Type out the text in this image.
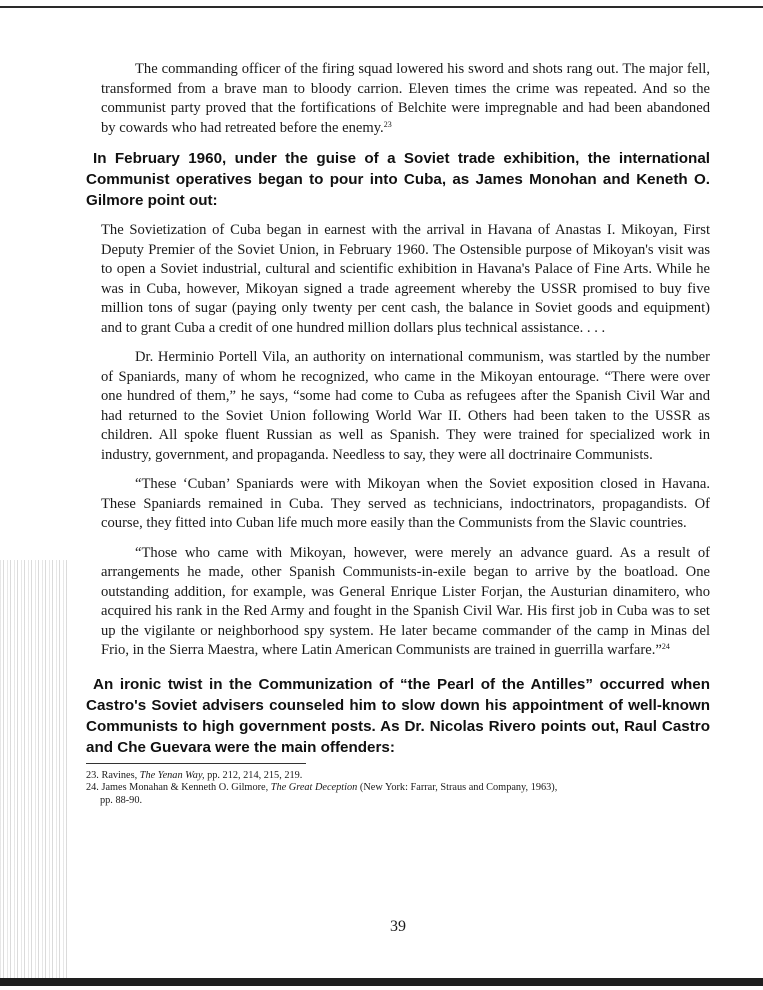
The commanding officer of the firing squad lowered his sword and shots rang out. The major fell, transformed from a brave man to bloody carrion. Eleven times the crime was repeated. And so the communist party proved that the fortifications of Belchite were impregnable and had been abandoned by cowards who had retreated before the enemy.$^{23}$

In February 1960, under the guise of a Soviet trade exhibition, the international Communist operatives began to pour into Cuba, as James Monohan and Keneth O. Gilmore point out:

The Sovietization of Cuba began in earnest with the arrival in Havana of Anastas I. Mikoyan, First Deputy Premier of the Soviet Union, in February 1960. The Ostensible purpose of Mikoyan's visit was to open a Soviet industrial, cultural and scientific exhibition in Havana's Palace of Fine Arts. While he was in Cuba, however, Mikoyan signed a trade agreement whereby the USSR promised to buy five million tons of sugar (paying only twenty per cent cash, the balance in Soviet goods and equipment) and to grant Cuba a credit of one hundred million dollars plus technical assistance. . . .

Dr. Herminio Portell Vila, an authority on international communism, was startled by the number of Spaniards, many of whom he recognized, who came in the Mikoyan entourage. “There were over one hundred of them,” he says, “some had come to Cuba as refugees after the Spanish Civil War and had returned to the Soviet Union following World War II. Others had been taken to the USSR as children. All spoke fluent Russian as well as Spanish. They were trained for specialized work in industry, government, and propaganda. Needless to say, they were all doctrinaire Communists.

“These ‘Cuban’ Spaniards were with Mikoyan when the Soviet exposition closed in Havana. These Spaniards remained in Cuba. They served as technicians, indoctrinators, propagandists. Of course, they fitted into Cuban life much more easily than the Communists from the Slavic countries.

“Those who came with Mikoyan, however, were merely an advance guard. As a result of arrangements he made, other Spanish Communists-in-exile began to arrive by the boatload. One outstanding addition, for example, was General Enrique Lister Forjan, the Austurian dinamitero, who acquired his rank in the Red Army and fought in the Spanish Civil War. His first job in Cuba was to set up the vigilante or neighborhood spy system. He later became commander of the camp in Minas del Frio, in the Sierra Maestra, where Latin American Communists are trained in guerrilla warfare.”$^{24}$

An ironic twist in the Communization of “the Pearl of the Antilles” occurred when Castro's Soviet advisers counseled him to slow down his appointment of well-known Communists to high government posts. As Dr. Nicolas Rivero points out, Raul Castro and Che Guevara were the main offenders:

23. Ravines, The Yenan Way, pp. 212, 214, 215, 219.

24. James Monahan & Kenneth O. Gilmore, The Great Deception (New York: Farrar, Straus and Company, 1963),
pp. 88-90.

39
